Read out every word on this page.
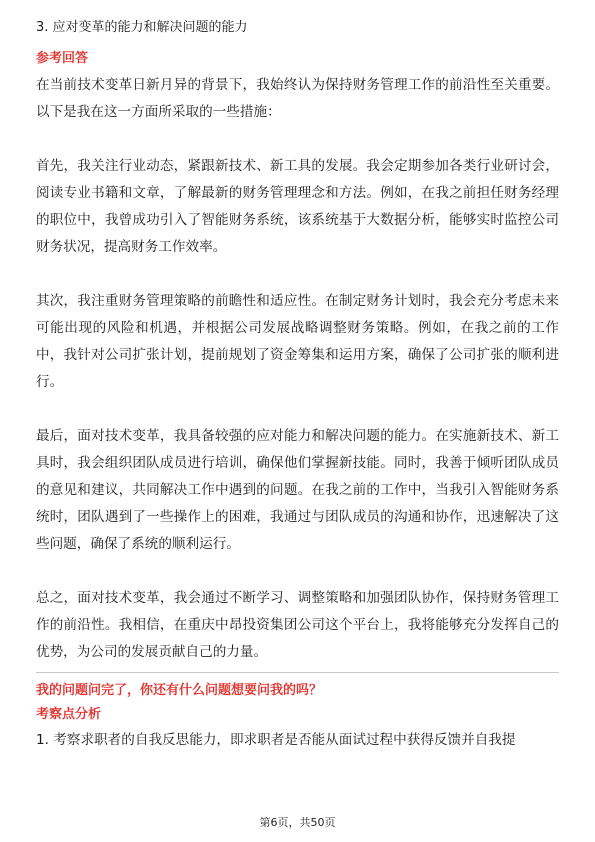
3. 应对变革的能力和解决问题的能力
参考回答
在当前技术变革日新月异的背景下，我始终认为保持财务管理工作的前沿性至关重要。以下是我在这一方面所采取的一些措施：
首先，我关注行业动态，紧跟新技术、新工具的发展。我会定期参加各类行业研讨会，阅读专业书籍和文章，了解最新的财务管理理念和方法。例如，在我之前担任财务经理的职位中，我曾成功引入了智能财务系统，该系统基于大数据分析，能够实时监控公司财务状况，提高财务工作效率。
其次，我注重财务管理策略的前瞻性和适应性。在制定财务计划时，我会充分考虑未来可能出现的风险和机遇，并根据公司发展战略调整财务策略。例如，在我之前的工作中，我针对公司扩张计划，提前规划了资金筹集和运用方案，确保了公司扩张的顺利进行。
最后，面对技术变革，我具备较强的应对能力和解决问题的能力。在实施新技术、新工具时，我会组织团队成员进行培训，确保他们掌握新技能。同时，我善于倾听团队成员的意见和建议，共同解决工作中遇到的问题。在我之前的工作中，当我引入智能财务系统时，团队遇到了一些操作上的困难，我通过与团队成员的沟通和协作，迅速解决了这些问题，确保了系统的顺利运行。
总之，面对技术变革，我会通过不断学习、调整策略和加强团队协作，保持财务管理工作的前沿性。我相信，在重庆中昂投资集团公司这个平台上，我将能够充分发挥自己的优势，为公司的发展贡献自己的力量。
我的问题问完了，你还有什么问题想要问我的吗？
考察点分析
1. 考察求职者的自我反思能力，即求职者是否能从面试过程中获得反馈并自我提
第6页，共50页
